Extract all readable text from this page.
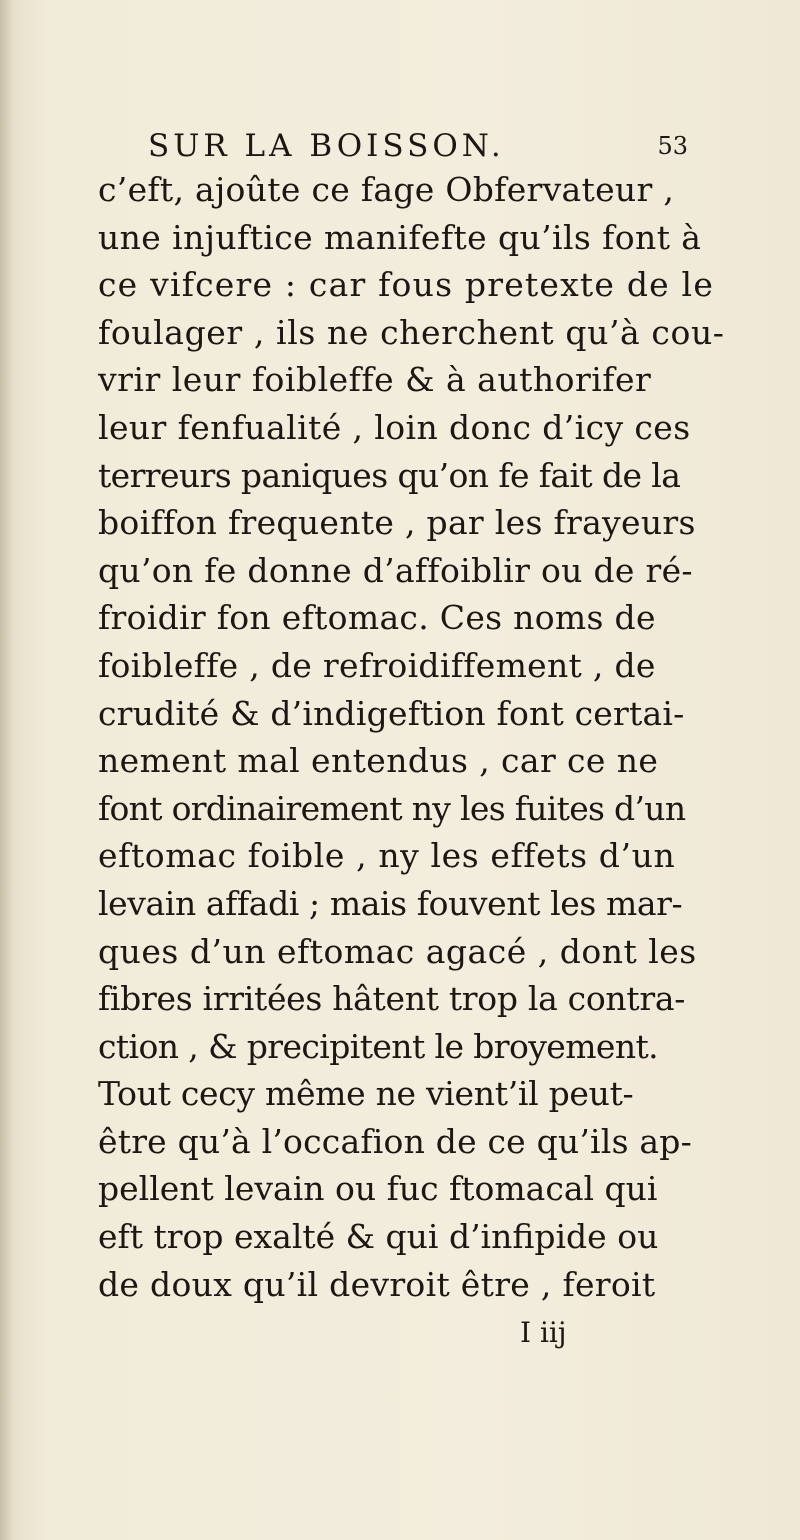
SUR LA BOISSON.	53
c’eft, ajoûte ce fage Obfervateur ,
une injuftice manifefte qu’ils font à
ce vifcere : car fous pretexte de le
foulager , ils ne cherchent qu’à cou-
vrir leur foibleffe & à authorifer
leur fenfualité , loin donc d’icy ces
terreurs paniques qu’on fe fait de la
boiffon frequente , par les frayeurs
qu’on fe donne d’affoiblir ou de ré-
froidir fon eftomac. Ces noms de
foibleffe , de refroidiffement , de
crudité & d’indigeftion font certai-
nement mal entendus , car ce ne
font ordinairement ny les fuites d’un
eftomac foible , ny les effets d’un
levain affadi ; mais fouvent les mar-
ques d’un eftomac agacé , dont les
fibres irritées hâtent trop la contra-
ction , & precipitent le broyement.
Tout cecy même ne vient’il peut-
être qu’à l’occafion de ce qu’ils ap-
pellent levain ou fuc ftomacal qui
eft trop exalté & qui d’infipide ou
de doux qu’il devroit être , feroit
I iij
